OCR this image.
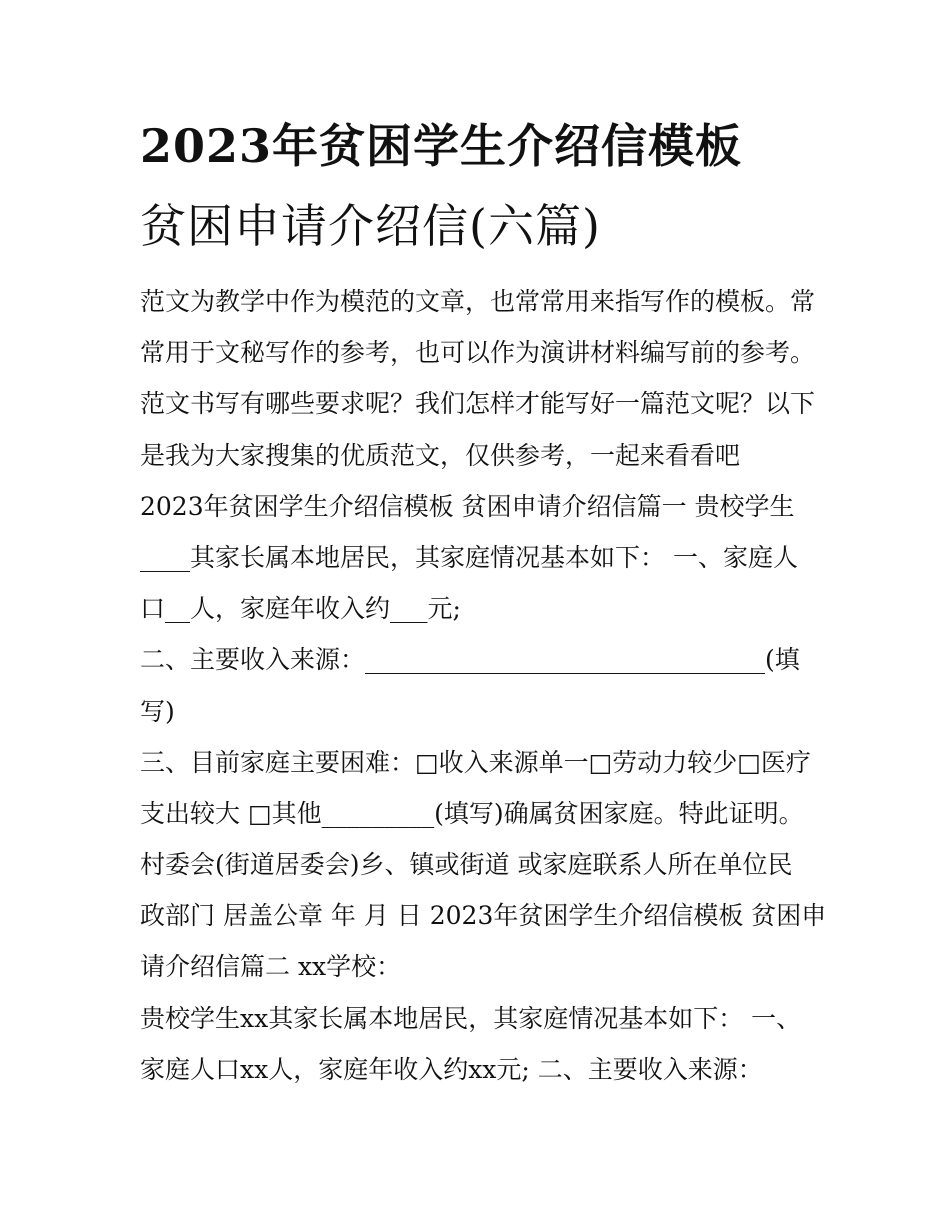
2023年贫困学生介绍信模板
贫困申请介绍信(六篇)
范文为教学中作为模范的文章，也常常用来指写作的模板。常
常用于文秘写作的参考，也可以作为演讲材料编写前的参考。
范文书写有哪些要求呢？我们怎样才能写好一篇范文呢？以下
是我为大家搜集的优质范文，仅供参考，一起来看看吧
2023年贫困学生介绍信模板 贫困申请介绍信篇一 贵校学生
____其家长属本地居民，其家庭情况基本如下： 一、家庭人
口__人，家庭年收入约___元;
二、主要收入来源：________________________________(填
写)
三、目前家庭主要困难：□收入来源单一□劳动力较少□医疗
支出较大 □其他_________(填写)确属贫困家庭。特此证明。
村委会(街道居委会)乡、镇或街道 或家庭联系人所在单位民
政部门 居盖公章 年 月 日 2023年贫困学生介绍信模板 贫困申
请介绍信篇二 xx学校：
贵校学生xx其家长属本地居民，其家庭情况基本如下： 一、
家庭人口xx人，家庭年收入约xx元; 二、主要收入来源：
